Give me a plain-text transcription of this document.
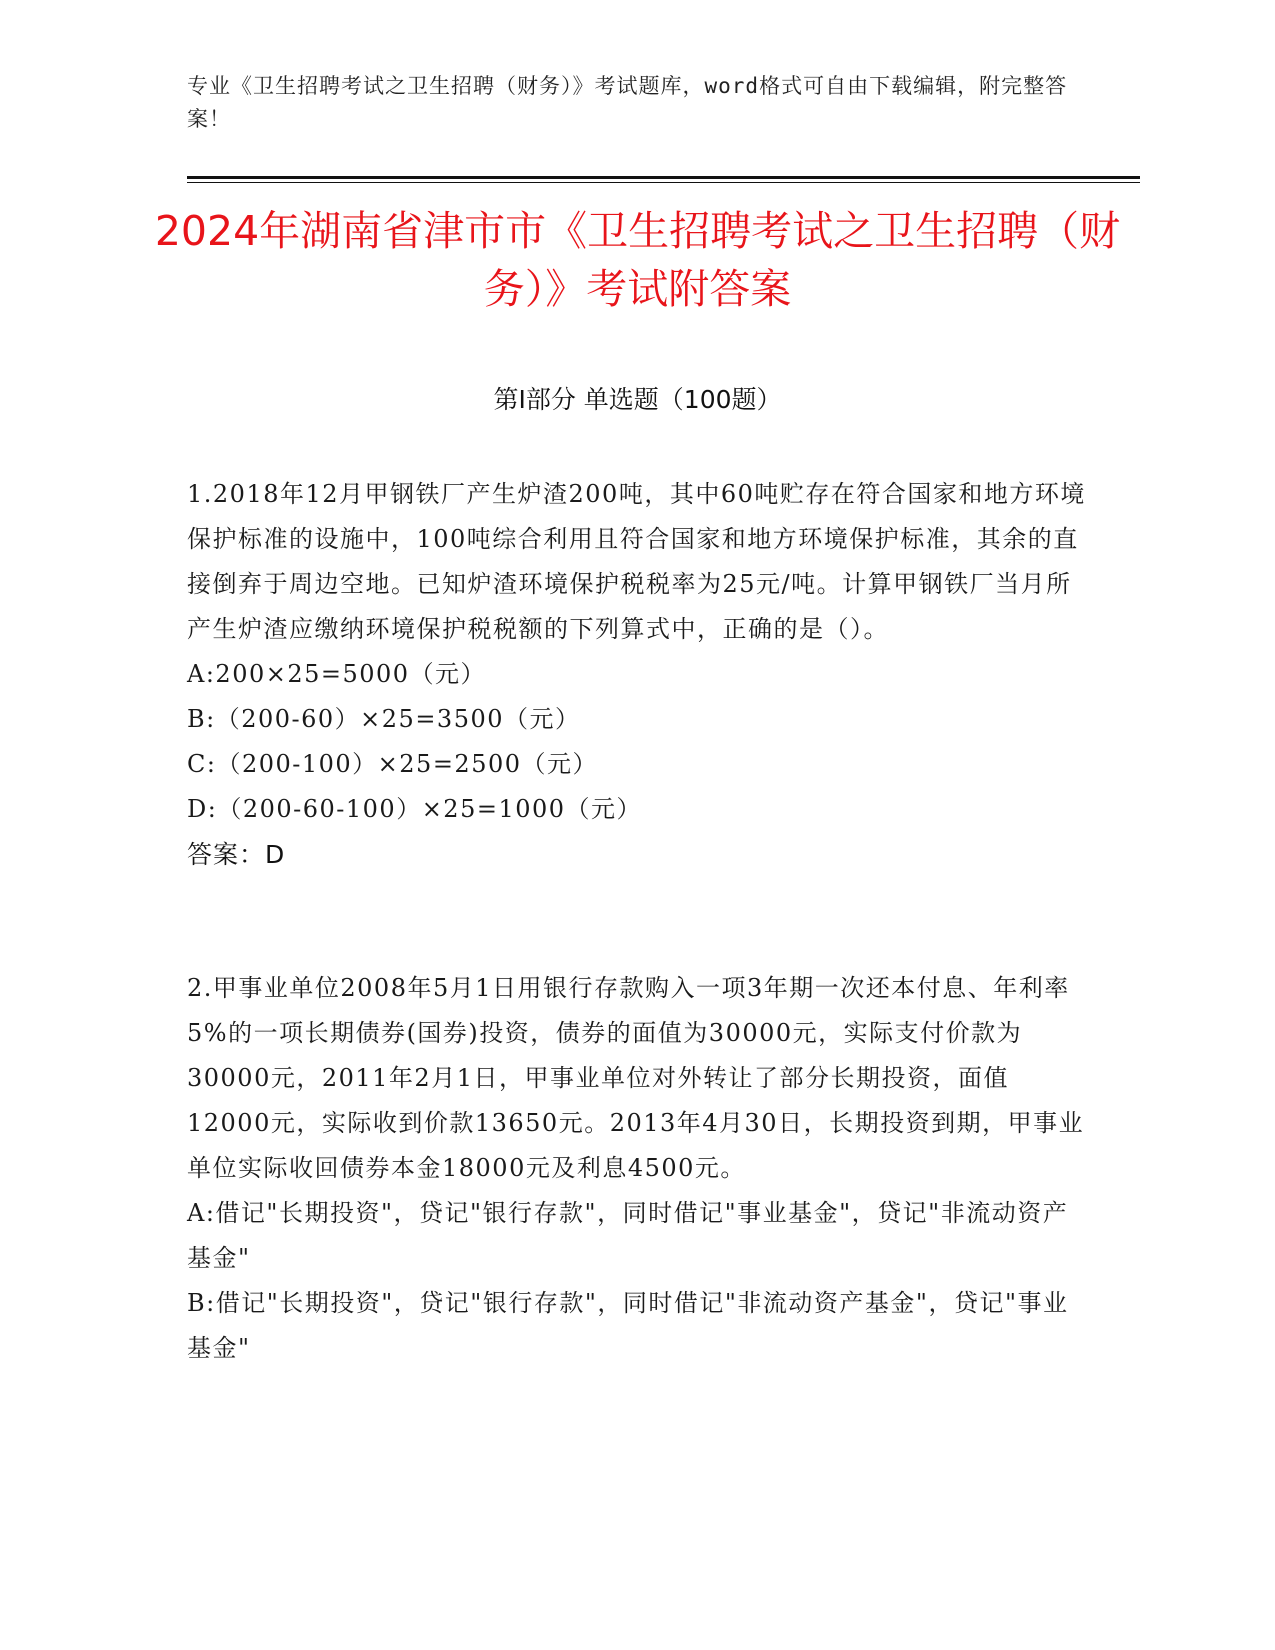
专业《卫生招聘考试之卫生招聘（财务）》考试题库，word格式可自由下载编辑，附完整答案！
2024年湖南省津市市《卫生招聘考试之卫生招聘（财务）》考试附答案
第I部分 单选题（100题）

1.2018年12月甲钢铁厂产生炉渣200吨，其中60吨贮存在符合国家和地方环境保护标准的设施中，100吨综合利用且符合国家和地方环境保护标准，其余的直接倒弃于周边空地。已知炉渣环境保护税税率为25元/吨。计算甲钢铁厂当月所产生炉渣应缴纳环境保护税税额的下列算式中，正确的是（）。

A:200×25=5000（元）

B:（200-60）×25=3500（元）

C:（200-100）×25=2500（元）

D:（200-60-100）×25=1000（元）

答案：D

2.甲事业单位2008年5月1日用银行存款购入一项3年期一次还本付息、年利率5%的一项长期债券(国券)投资，债券的面值为30000元，实际支付价款为30000元，2011年2月1日，甲事业单位对外转让了部分长期投资，面值12000元，实际收到价款13650元。2013年4月30日，长期投资到期，甲事业单位实际收回债券本金18000元及利息4500元。

A:借记"长期投资"，贷记"银行存款"，同时借记"事业基金"，贷记"非流动资产基金"

B:借记"长期投资"，贷记"银行存款"，同时借记"非流动资产基金"，贷记"事业基金"
